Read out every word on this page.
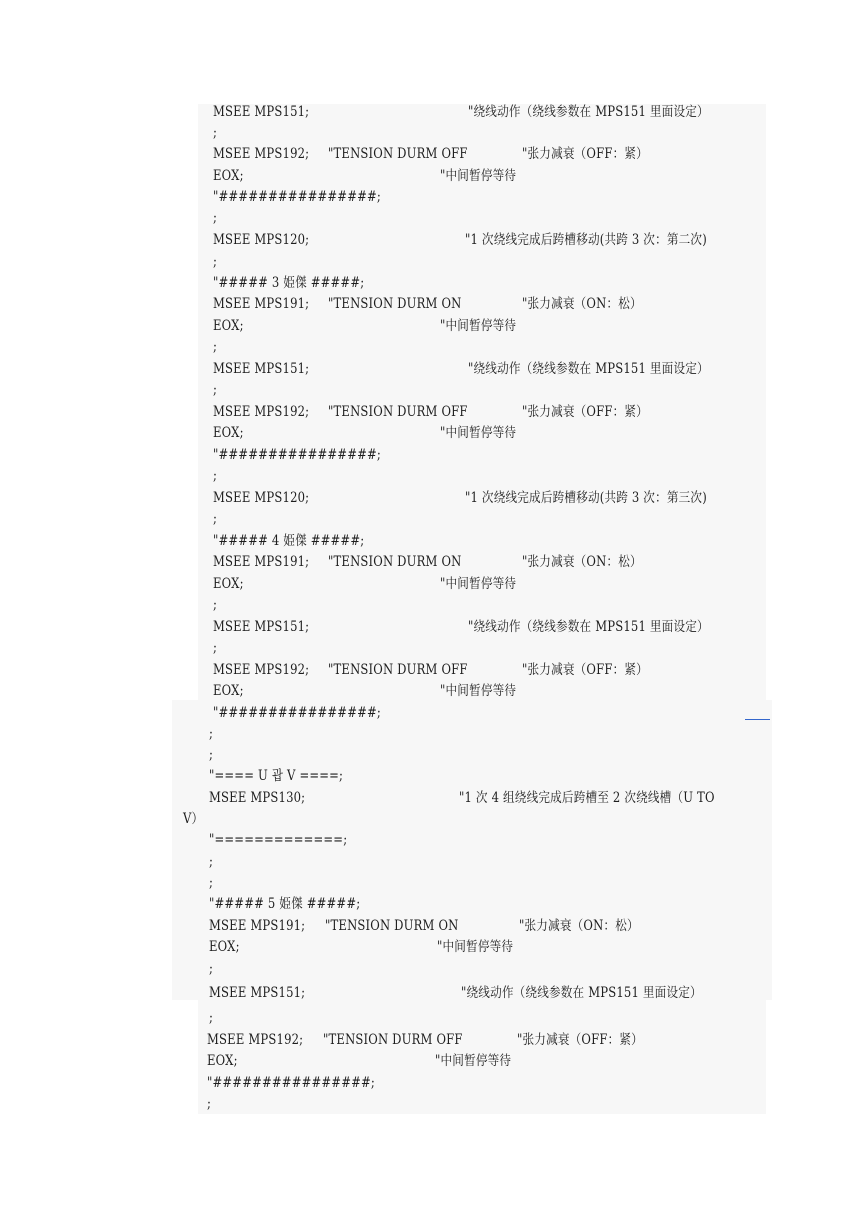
MSEE MPS151;	"绕线动作（绕线参数在 MPS151 里面设定）
;
MSEE MPS192; "TENSION DURM OFF	"张力减衰（OFF：紧）
EOX;	"中间暂停等待
"################;
;
MSEE MPS120;	"1 次绕线完成后跨槽移动(共跨 3 次：第二次)
;
"##### 3 姫傑 #####;
MSEE MPS191; "TENSION DURM ON	"张力减衰（ON：松）
EOX;	"中间暂停等待
;
MSEE MPS151;	"绕线动作（绕线参数在 MPS151 里面设定）
;
MSEE MPS192; "TENSION DURM OFF	"张力减衰（OFF：紧）
EOX;	"中间暂停等待
"################;
;
MSEE MPS120;	"1 次绕线完成后跨槽移动(共跨 3 次：第三次)
;
"##### 4 姫傑 #####;
MSEE MPS191; "TENSION DURM ON	"张力减衰（ON：松）
EOX;	"中间暂停等待
;
MSEE MPS151;	"绕线动作（绕线参数在 MPS151 里面设定）
;
MSEE MPS192; "TENSION DURM OFF	"张力减衰（OFF：紧）
EOX;	"中间暂停等待
"################;
;
;
"==== U 괍 V ====;
MSEE MPS130;	"1 次 4 组绕线完成后跨槽至 2 次绕线槽（U TO
V）
"=============;
;
;
"##### 5 姫傑 #####;
MSEE MPS191; "TENSION DURM ON	"张力减衰（ON：松）
EOX;	"中间暂停等待
;
MSEE MPS151;	"绕线动作（绕线参数在 MPS151 里面设定）
;
MSEE MPS192; "TENSION DURM OFF	"张力减衰（OFF：紧）
EOX;	"中间暂停等待
"################;
;
